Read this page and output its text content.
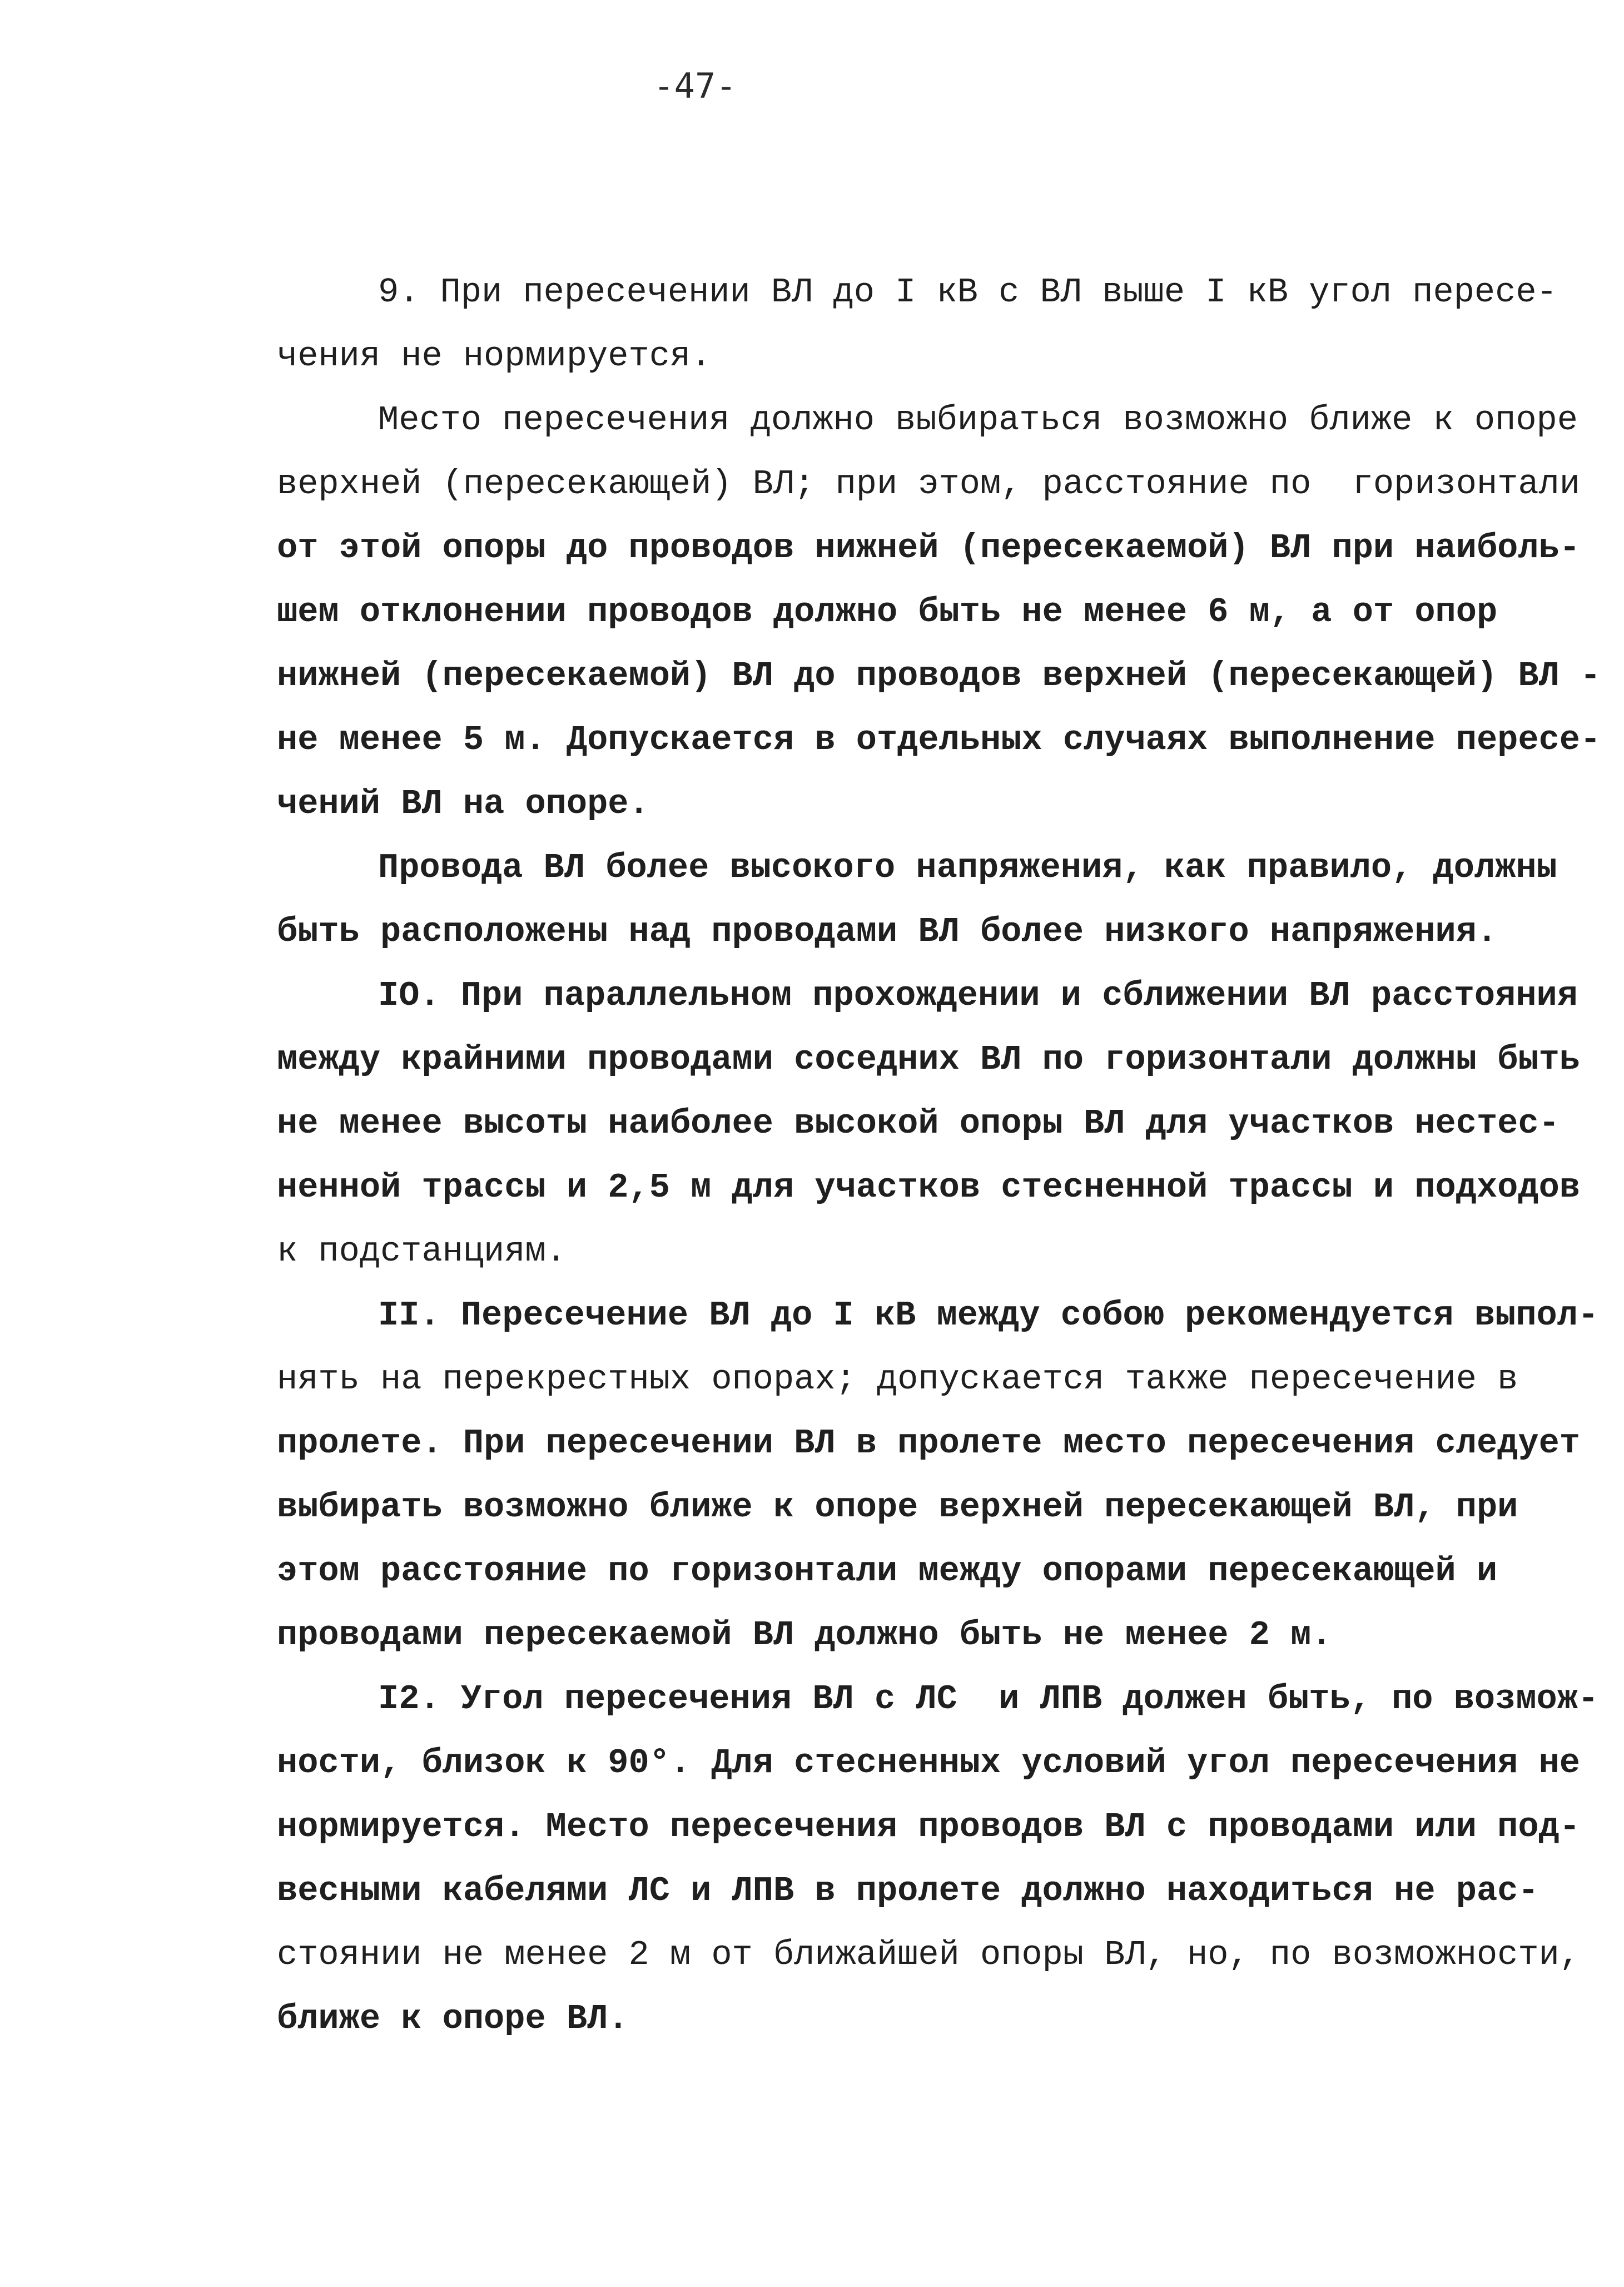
-47-
9. При пересечении ВЛ до I кВ с ВЛ выше I кВ угол пересе-
чения не нормируется.
Место пересечения должно выбираться возможно ближе к опоре
верхней (пересекающей) ВЛ; при этом, расстояние по  горизонтали
от этой опоры до проводов нижней (пересекаемой) ВЛ при наиболь-
шем отклонении проводов должно быть не менее 6 м, а от опор
нижней (пересекаемой) ВЛ до проводов верхней (пересекающей) ВЛ -
не менее 5 м. Допускается в отдельных случаях выполнение пересе-
чений ВЛ на опоре.
Провода ВЛ более высокого напряжения, как правило, должны
быть расположены над проводами ВЛ более низкого напряжения.
IO. При параллельном прохождении и сближении ВЛ расстояния
между крайними проводами соседних ВЛ по горизонтали должны быть
не менее высоты наиболее высокой опоры ВЛ для участков нестес-
ненной трассы и 2,5 м для участков стесненной трассы и подходов
к подстанциям.
II. Пересечение ВЛ до I кВ между собою рекомендуется выпол-
нять на перекрестных опорах; допускается также пересечение в
пролете. При пересечении ВЛ в пролете место пересечения следует
выбирать возможно ближе к опоре верхней пересекающей ВЛ, при
этом расстояние по горизонтали между опорами пересекающей и
проводами пересекаемой ВЛ должно быть не менее 2 м.
I2. Угол пересечения ВЛ с ЛС  и ЛПВ должен быть, по возмож-
ности, близок к 90°. Для стесненных условий угол пересечения не
нормируется. Место пересечения проводов ВЛ с проводами или под-
весными кабелями ЛС и ЛПВ в пролете должно находиться не рас-
стоянии не менее 2 м от ближайшей опоры ВЛ, но, по возможности,
ближе к опоре ВЛ.
